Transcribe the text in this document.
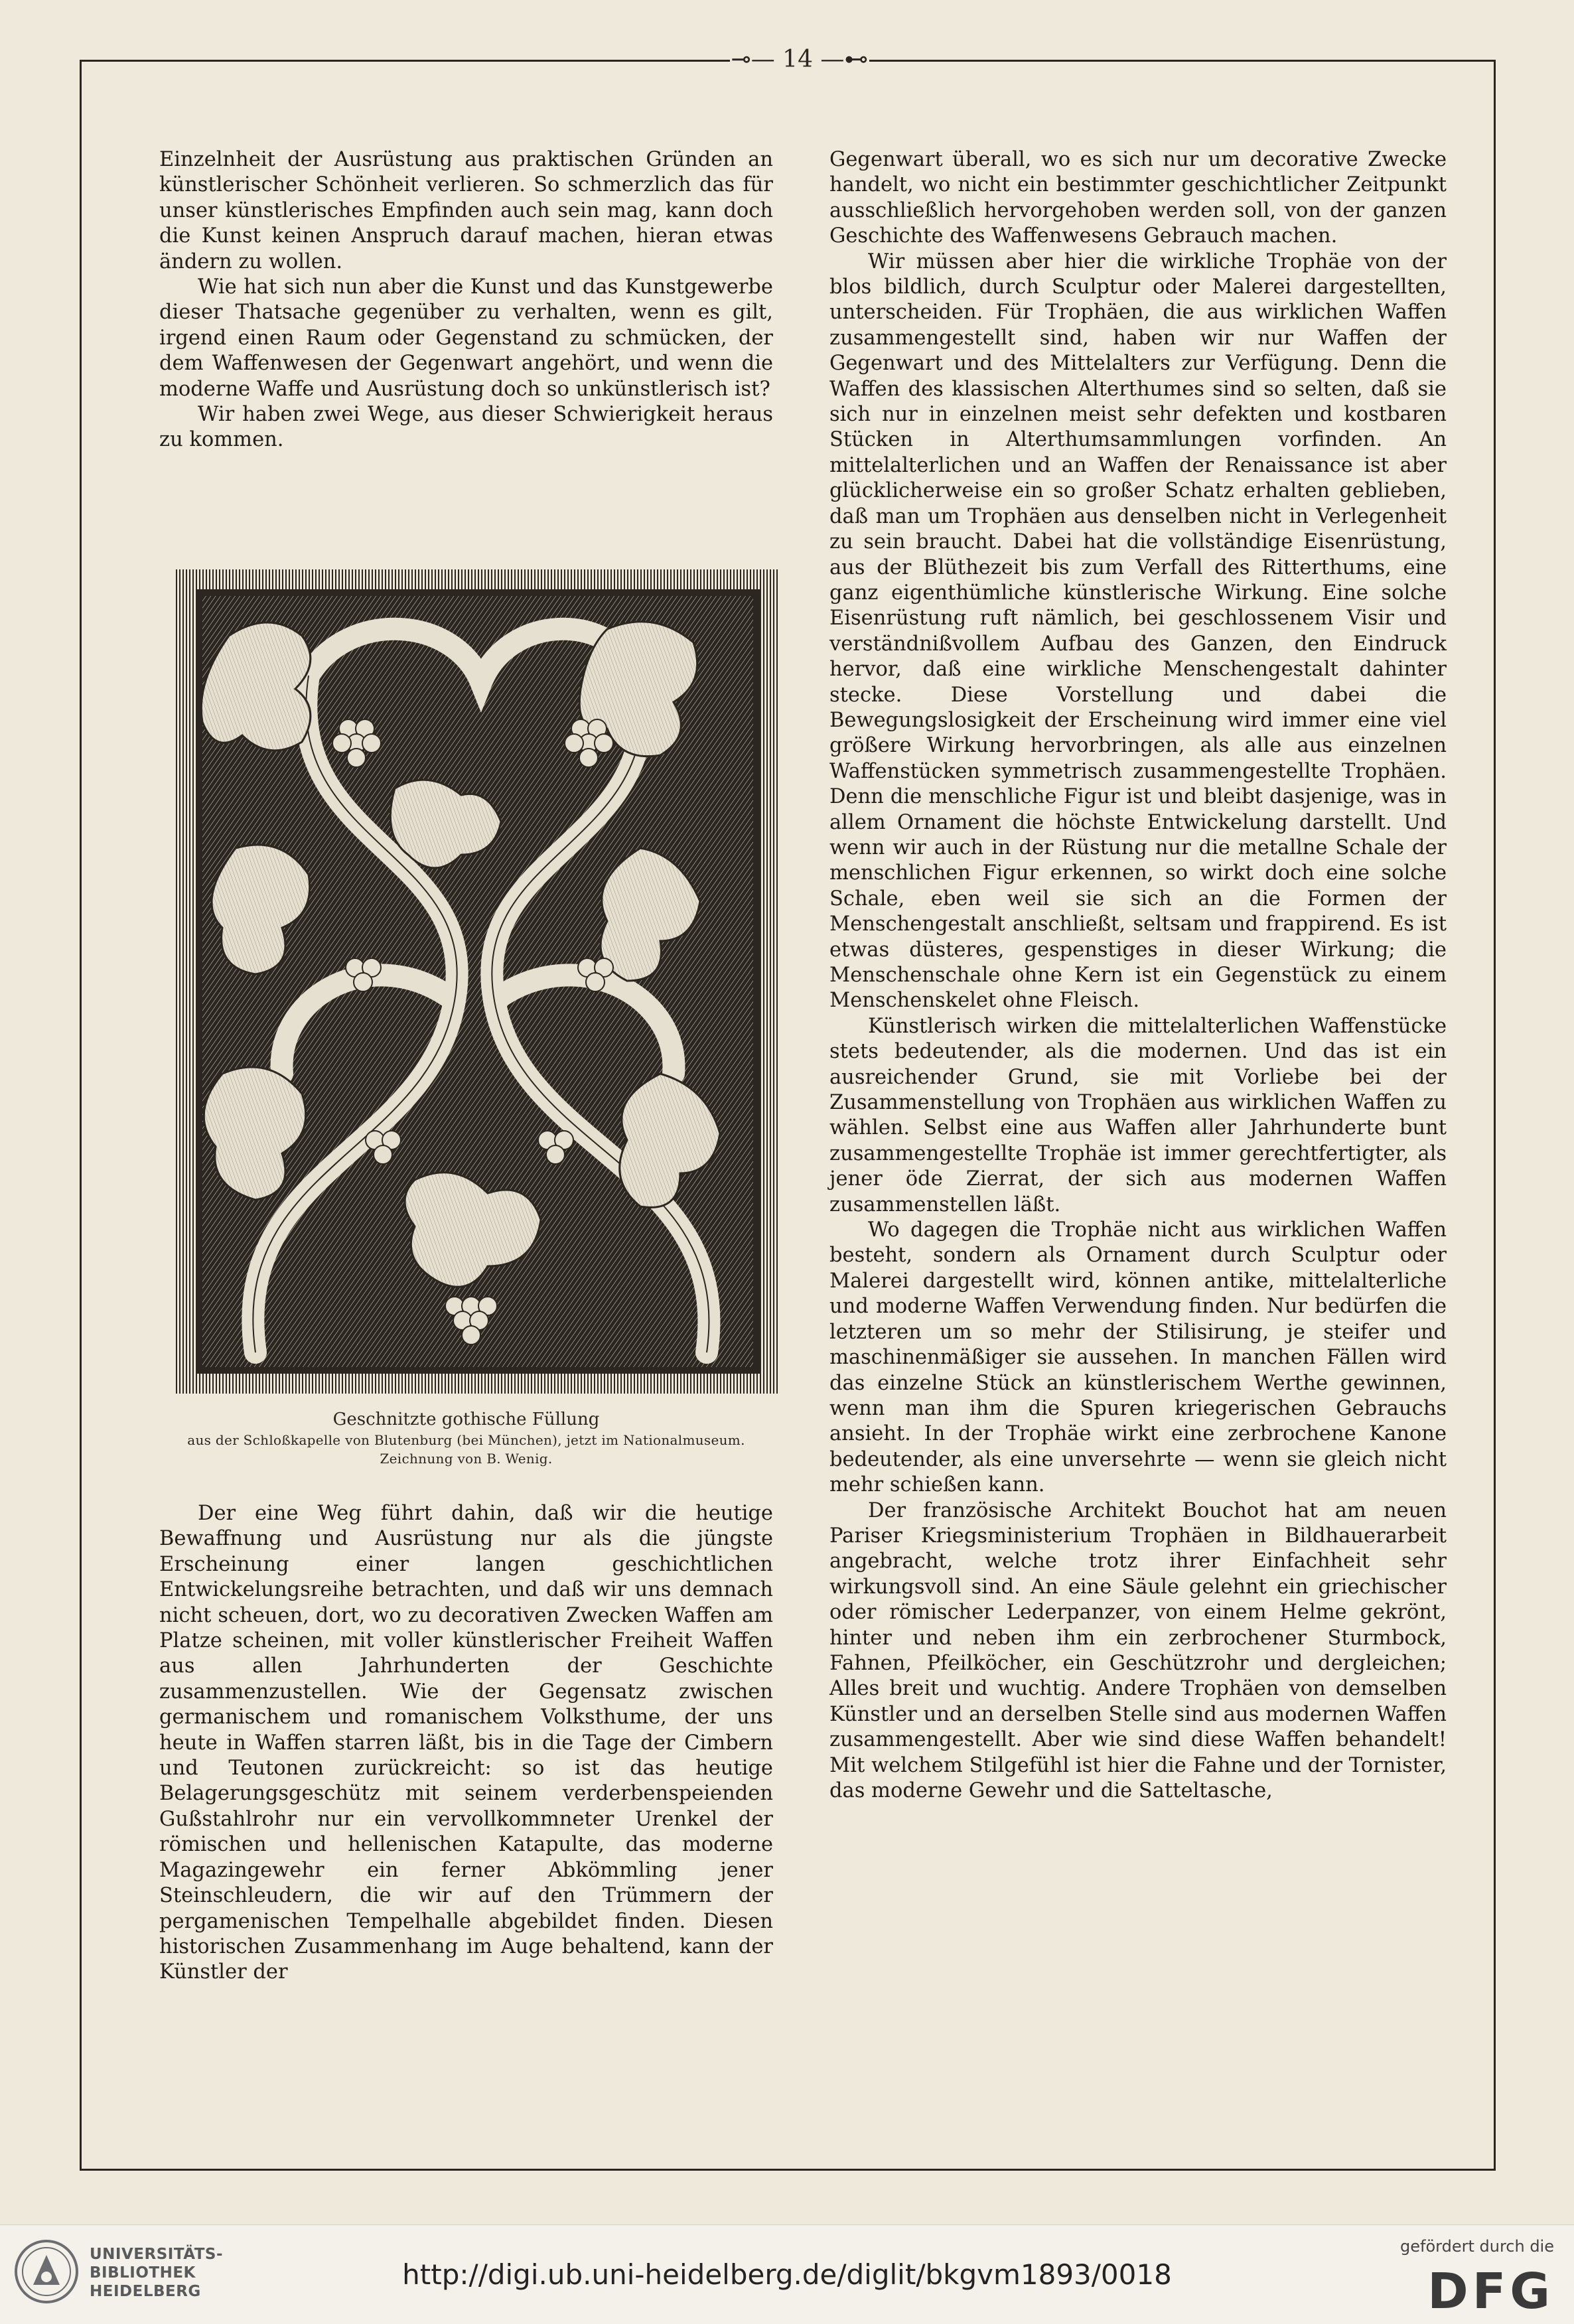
⊸— 14 —⊷

Einzelnheit der Ausrüstung aus praktischen Gründen an künstlerischer Schönheit verlieren. So schmerzlich das für unser künstlerisches Empfinden auch sein mag, kann doch die Kunst keinen Anspruch darauf machen, hieran etwas ändern zu wollen.

Wie hat sich nun aber die Kunst und das Kunstgewerbe dieser Thatsache gegenüber zu verhalten, wenn es gilt, irgend einen Raum oder Gegenstand zu schmücken, der dem Waffenwesen der Gegenwart angehört, und wenn die moderne Waffe und Ausrüstung doch so unkünstlerisch ist?

Wir haben zwei Wege, aus dieser Schwierigkeit heraus zu kommen.

Geschnitzte gothische Füllung
aus der Schloßkapelle von Blutenburg (bei München), jetzt im Nationalmuseum.
Zeichnung von B. Wenig.

Der eine Weg führt dahin, daß wir die heutige Bewaffnung und Ausrüstung nur als die jüngste Erscheinung einer langen geschichtlichen Entwickelungsreihe betrachten, und daß wir uns demnach nicht scheuen, dort, wo zu decorativen Zwecken Waffen am Platze scheinen, mit voller künstlerischer Freiheit Waffen aus allen Jahrhunderten der Geschichte zusammenzustellen. Wie der Gegensatz zwischen germanischem und romanischem Volksthume, der uns heute in Waffen starren läßt, bis in die Tage der Cimbern und Teutonen zurückreicht: so ist das heutige Belagerungsgeschütz mit seinem verderbenspeienden Gußstahlrohr nur ein vervollkommneter Urenkel der römischen und hellenischen Katapulte, das moderne Magazingewehr ein ferner Abkömmling jener Steinschleudern, die wir auf den Trümmern der pergamenischen Tempelhalle abgebildet finden. Diesen historischen Zusammenhang im Auge behaltend, kann der Künstler der

Gegenwart überall, wo es sich nur um decorative Zwecke handelt, wo nicht ein bestimmter geschichtlicher Zeitpunkt ausschließlich hervorgehoben werden soll, von der ganzen Geschichte des Waffenwesens Gebrauch machen.

Wir müssen aber hier die wirkliche Trophäe von der blos bildlich, durch Sculptur oder Malerei dargestellten, unterscheiden. Für Trophäen, die aus wirklichen Waffen zusammengestellt sind, haben wir nur Waffen der Gegenwart und des Mittelalters zur Verfügung. Denn die Waffen des klassischen Alterthumes sind so selten, daß sie sich nur in einzelnen meist sehr defekten und kostbaren Stücken in Alterthumsammlungen vorfinden. An mittelalterlichen und an Waffen der Renaissance ist aber glücklicherweise ein so großer Schatz erhalten geblieben, daß man um Trophäen aus denselben nicht in Verlegenheit zu sein braucht. Dabei hat die vollständige Eisenrüstung, aus der Blüthezeit bis zum Verfall des Ritterthums, eine ganz eigenthümliche künstlerische Wirkung. Eine solche Eisenrüstung ruft nämlich, bei geschlossenem Visir und verständnißvollem Aufbau des Ganzen, den Eindruck hervor, daß eine wirkliche Menschengestalt dahinter stecke. Diese Vorstellung und dabei die Bewegungslosigkeit der Erscheinung wird immer eine viel größere Wirkung hervorbringen, als alle aus einzelnen Waffenstücken symmetrisch zusammengestellte Trophäen. Denn die menschliche Figur ist und bleibt dasjenige, was in allem Ornament die höchste Entwickelung darstellt. Und wenn wir auch in der Rüstung nur die metallne Schale der menschlichen Figur erkennen, so wirkt doch eine solche Schale, eben weil sie sich an die Formen der Menschengestalt anschließt, seltsam und frappirend. Es ist etwas düsteres, gespenstiges in dieser Wirkung; die Menschenschale ohne Kern ist ein Gegenstück zu einem Menschenskelet ohne Fleisch.

Künstlerisch wirken die mittelalterlichen Waffenstücke stets bedeutender, als die modernen. Und das ist ein ausreichender Grund, sie mit Vorliebe bei der Zusammenstellung von Trophäen aus wirklichen Waffen zu wählen. Selbst eine aus Waffen aller Jahrhunderte bunt zusammengestellte Trophäe ist immer gerechtfertigter, als jener öde Zierrat, der sich aus modernen Waffen zusammenstellen läßt.

Wo dagegen die Trophäe nicht aus wirklichen Waffen besteht, sondern als Ornament durch Sculptur oder Malerei dargestellt wird, können antike, mittelalterliche und moderne Waffen Verwendung finden. Nur bedürfen die letzteren um so mehr der Stilisirung, je steifer und maschinenmäßiger sie aussehen. In manchen Fällen wird das einzelne Stück an künstlerischem Werthe gewinnen, wenn man ihm die Spuren kriegerischen Gebrauchs ansieht. In der Trophäe wirkt eine zerbrochene Kanone bedeutender, als eine unversehrte — wenn sie gleich nicht mehr schießen kann.

Der französische Architekt Bouchot hat am neuen Pariser Kriegsministerium Trophäen in Bildhauerarbeit angebracht, welche trotz ihrer Einfachheit sehr wirkungsvoll sind. An eine Säule gelehnt ein griechischer oder römischer Lederpanzer, von einem Helme gekrönt, hinter und neben ihm ein zerbrochener Sturmbock, Fahnen, Pfeilköcher, ein Geschützrohr und dergleichen; Alles breit und wuchtig. Andere Trophäen von demselben Künstler und an derselben Stelle sind aus modernen Waffen zusammengestellt. Aber wie sind diese Waffen behandelt! Mit welchem Stilgefühl ist hier die Fahne und der Tornister, das moderne Gewehr und die Satteltasche,

UNIVERSITÄTS-
BIBLIOTHEK
HEIDELBERG
http://digi.ub.uni-heidelberg.de/diglit/bkgvm1893/0018
gefördert durch die
DFG
